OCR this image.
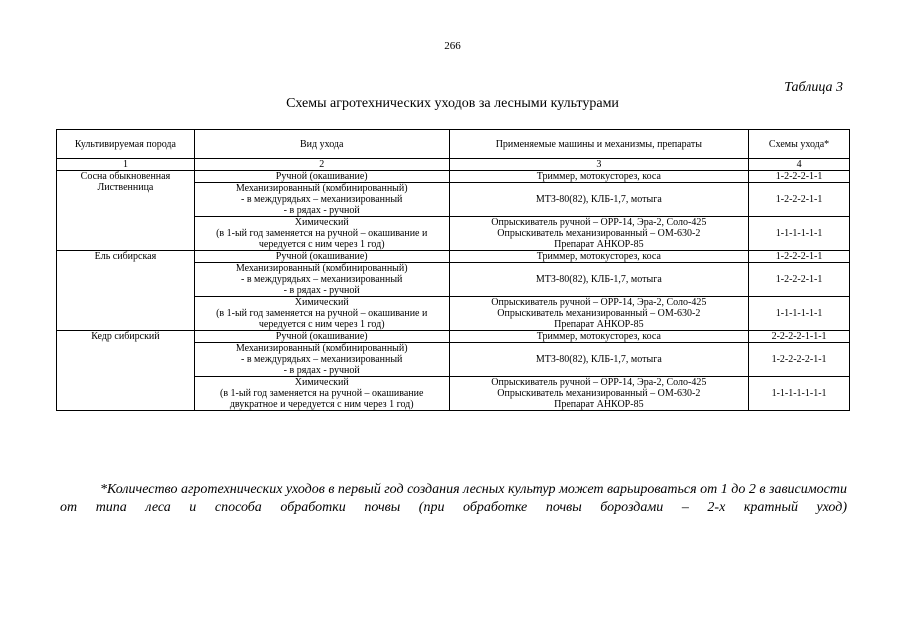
266
Таблица 3
Схемы агротехнических уходов за лесными культурами
Культивируемая порода	Вид ухода	Применяемые машины и механизмы, препараты	Схемы ухода*
1	2	3	4

Сосна обыкновенная
Лиственница	Ручной (окашивание)	Триммер, мотокусторез, коса	1-2-2-2-1-1

	Механизированный (комбинированный)
- в междурядьях – механизированный
- в рядах - ручной	МТЗ-80(82), КЛБ-1,7, мотыга	1-2-2-2-1-1

	Химический
(в 1-ый год заменяется на ручной – окашивание и
чередуется с ним через 1 год)	Опрыскиватель ручной – ОРР-14, Эра-2, Соло-425
Опрыскиватель механизированный – ОМ-630-2
Препарат АНКОР-85	1-1-1-1-1-1

Ель сибирская	Ручной (окашивание)	Триммер, мотокусторез, коса	1-2-2-2-1-1

	Механизированный (комбинированный)
- в междурядьях – механизированный
- в рядах - ручной	МТЗ-80(82), КЛБ-1,7, мотыга	1-2-2-2-1-1

	Химический
(в 1-ый год заменяется на ручной – окашивание и
чередуется с ним через 1 год)	Опрыскиватель ручной – ОРР-14, Эра-2, Соло-425
Опрыскиватель механизированный – ОМ-630-2
Препарат АНКОР-85	1-1-1-1-1-1

Кедр сибирский	Ручной (окашивание)	Триммер, мотокусторез, коса	2-2-2-2-1-1-1

	Механизированный (комбинированный)
- в междурядьях – механизированный
- в рядах - ручной	МТЗ-80(82), КЛБ-1,7, мотыга	1-2-2-2-2-1-1

	Химический
(в 1-ый год заменяется на ручной – окашивание
двукратное и чередуется с ним через 1 год)	Опрыскиватель ручной – ОРР-14, Эра-2, Соло-425
Опрыскиватель механизированный – ОМ-630-2
Препарат АНКОР-85	1-1-1-1-1-1-1
*Количество агротехнических уходов в первый год создания лесных культур может варьироваться от 1 до 2 в зависимости от типа леса и способа обработки почвы (при обработке почвы бороздами – 2-х кратный уход)
